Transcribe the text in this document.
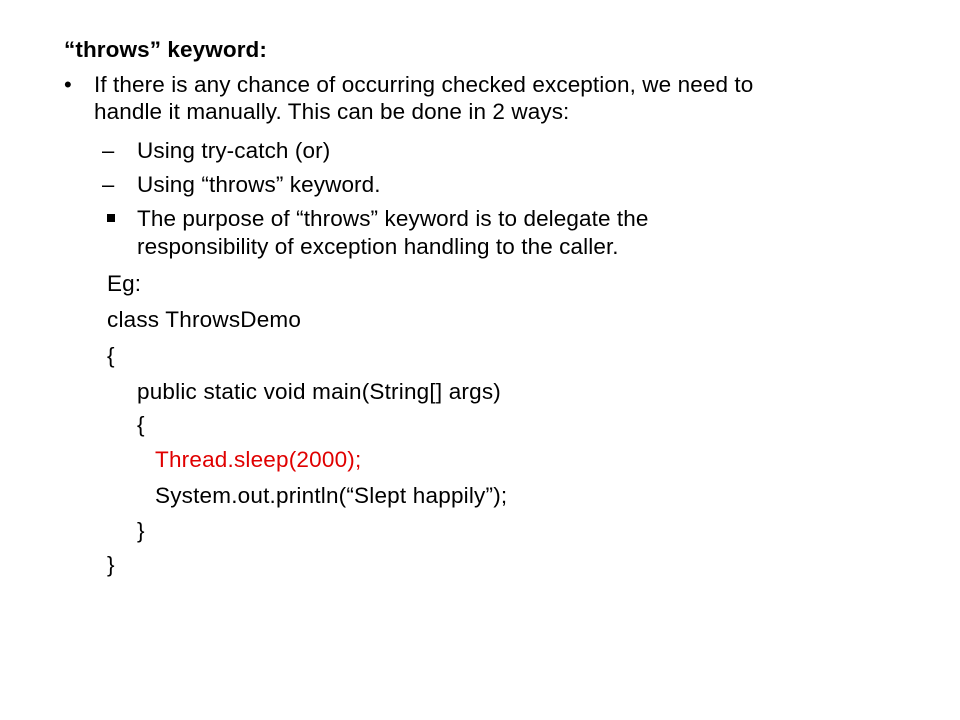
“throws” keyword:
• If there is any chance of occurring checked exception, we need to
handle it manually. This can be done in 2 ways:
– Using try-catch (or)
– Using “throws” keyword.
The purpose of “throws” keyword is to delegate the
responsibility of exception handling to the caller.
Eg:
class ThrowsDemo
{
public static void main(String[] args)
{
Thread.sleep(2000);
System.out.println(“Slept happily”);
}
}
